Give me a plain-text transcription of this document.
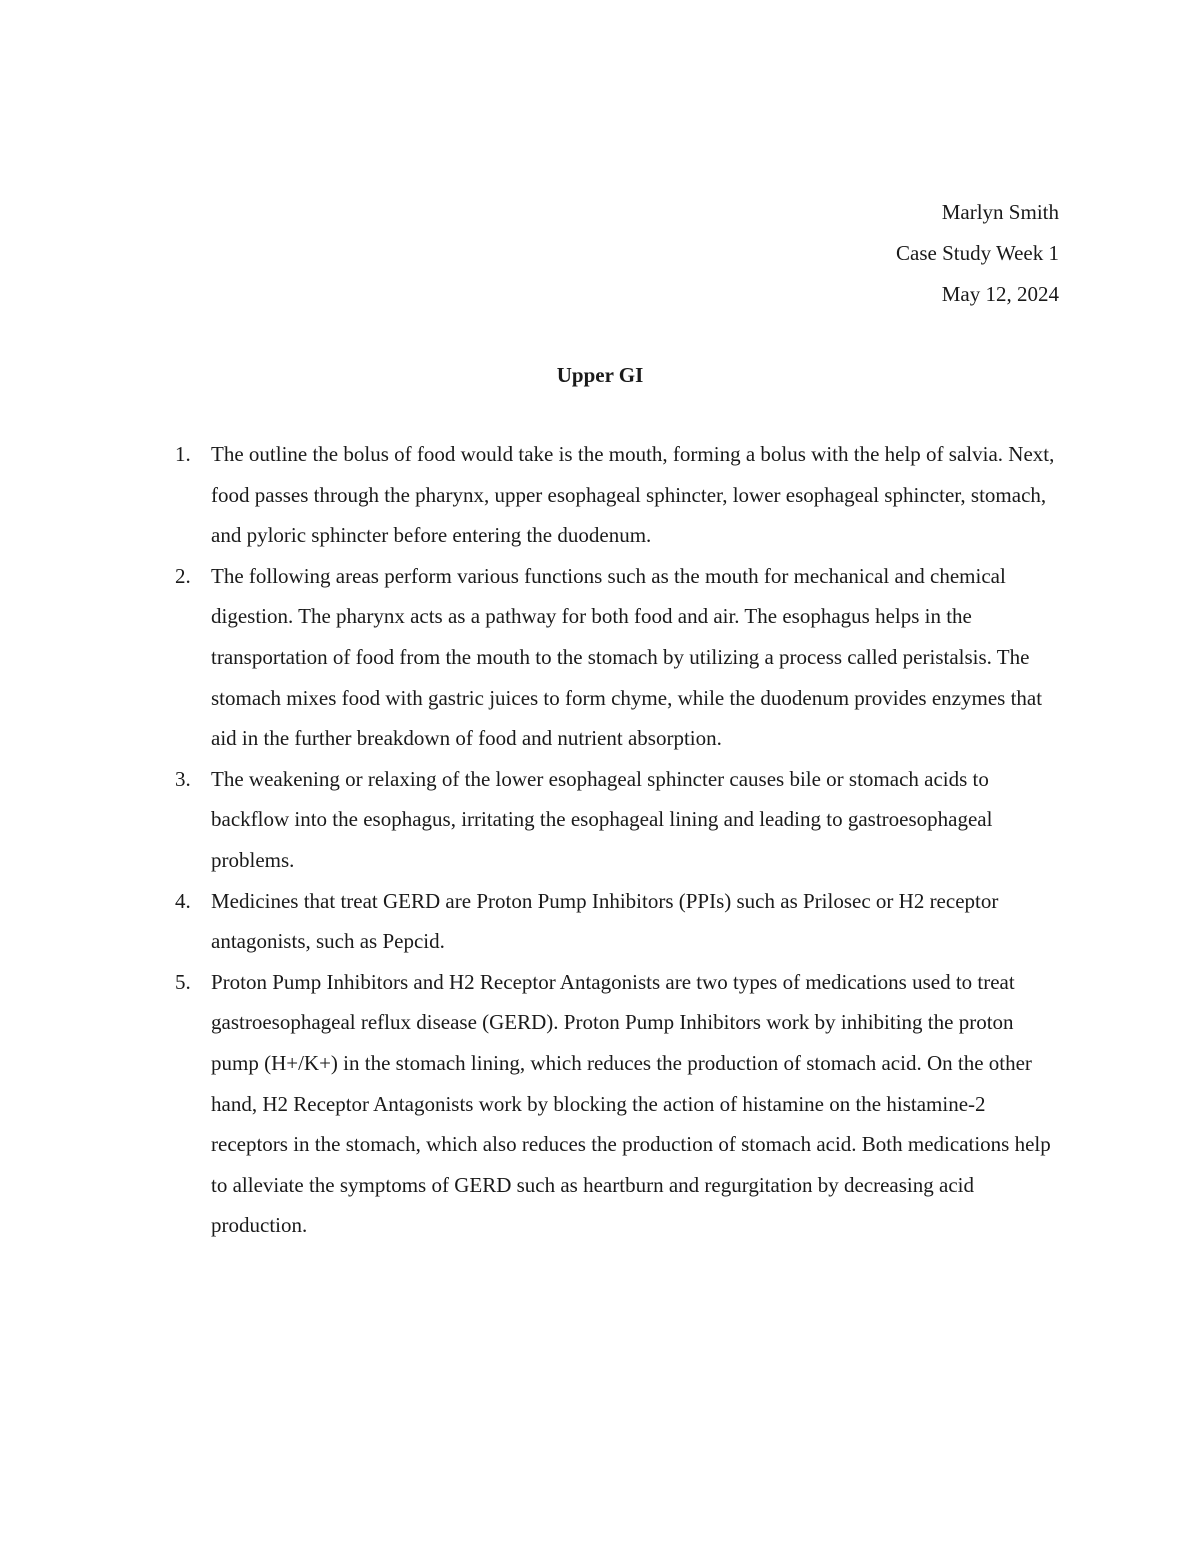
Marlyn Smith
Case Study Week 1
May 12, 2024
Upper GI
1. The outline the bolus of food would take is the mouth, forming a bolus with the help of salvia. Next, food passes through the pharynx, upper esophageal sphincter, lower esophageal sphincter, stomach, and pyloric sphincter before entering the duodenum.
2. The following areas perform various functions such as the mouth for mechanical and chemical digestion. The pharynx acts as a pathway for both food and air. The esophagus helps in the transportation of food from the mouth to the stomach by utilizing a process called peristalsis. The stomach mixes food with gastric juices to form chyme, while the duodenum provides enzymes that aid in the further breakdown of food and nutrient absorption.
3. The weakening or relaxing of the lower esophageal sphincter causes bile or stomach acids to backflow into the esophagus, irritating the esophageal lining and leading to gastroesophageal problems.
4. Medicines that treat GERD are Proton Pump Inhibitors (PPIs) such as Prilosec or H2 receptor antagonists, such as Pepcid.
5. Proton Pump Inhibitors and H2 Receptor Antagonists are two types of medications used to treat gastroesophageal reflux disease (GERD). Proton Pump Inhibitors work by inhibiting the proton pump (H+/K+) in the stomach lining, which reduces the production of stomach acid. On the other hand, H2 Receptor Antagonists work by blocking the action of histamine on the histamine-2 receptors in the stomach, which also reduces the production of stomach acid. Both medications help to alleviate the symptoms of GERD such as heartburn and regurgitation by decreasing acid production.
